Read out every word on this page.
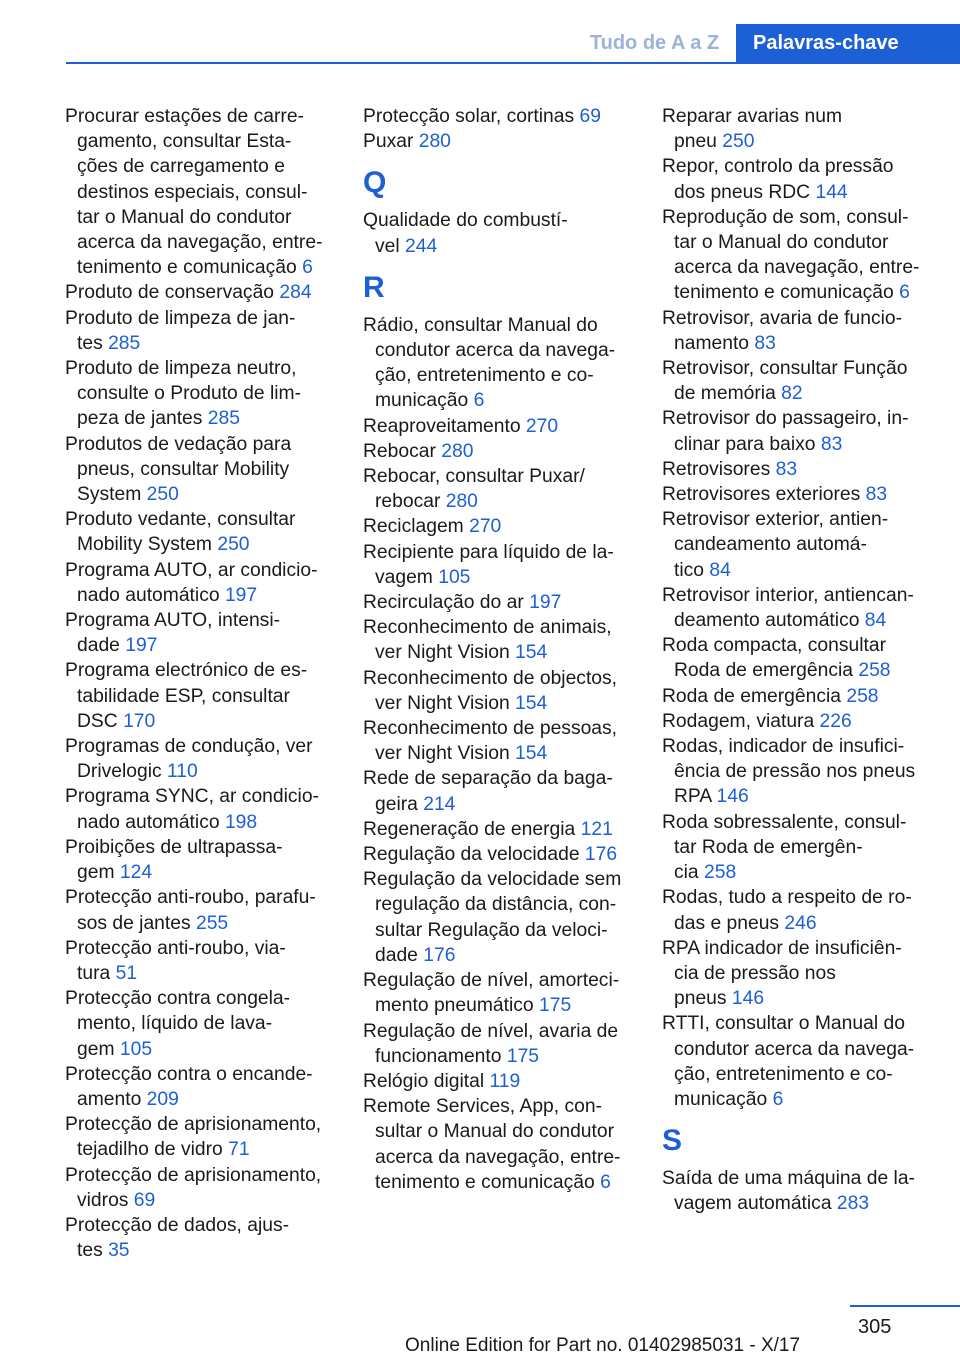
Tudo de A a Z	Palavras-chave
Procurar estações de carre-
gamento, consultar Esta-
ções de carregamento e
destinos especiais, consul-
tar o Manual do condutor
acerca da navegação, entre-
tenimento e comunicação 6
Produto de conservação 284
Produto de limpeza de jan-
tes 285
Produto de limpeza neutro,
consulte o Produto de lim-
peza de jantes 285
Produtos de vedação para
pneus, consultar Mobility
System 250
Produto vedante, consultar
Mobility System 250
Programa AUTO, ar condicio-
nado automático 197
Programa AUTO, intensi-
dade 197
Programa electrónico de es-
tabilidade ESP, consultar
DSC 170
Programas de condução, ver
Drivelogic 110
Programa SYNC, ar condicio-
nado automático 198
Proibições de ultrapassa-
gem 124
Protecção anti-roubo, parafu-
sos de jantes 255
Protecção anti-roubo, via-
tura 51
Protecção contra congela-
mento, líquido de lava-
gem 105
Protecção contra o encande-
amento 209
Protecção de aprisionamento,
tejadilho de vidro 71
Protecção de aprisionamento,
vidros 69
Protecção de dados, ajus-
tes 35
Protecção solar, cortinas 69
Puxar 280
Q
Qualidade do combustí-
vel 244
R
Rádio, consultar Manual do
condutor acerca da navega-
ção, entretenimento e co-
municação 6
Reaproveitamento 270
Rebocar 280
Rebocar, consultar Puxar/
rebocar 280
Reciclagem 270
Recipiente para líquido de la-
vagem 105
Recirculação do ar 197
Reconhecimento de animais,
ver Night Vision 154
Reconhecimento de objectos,
ver Night Vision 154
Reconhecimento de pessoas,
ver Night Vision 154
Rede de separação da baga-
geira 214
Regeneração de energia 121
Regulação da velocidade 176
Regulação da velocidade sem
regulação da distância, con-
sultar Regulação da veloci-
dade 176
Regulação de nível, amorteci-
mento pneumático 175
Regulação de nível, avaria de
funcionamento 175
Relógio digital 119
Remote Services, App, con-
sultar o Manual do condutor
acerca da navegação, entre-
tenimento e comunicação 6
Reparar avarias num
pneu 250
Repor, controlo da pressão
dos pneus RDC 144
Reprodução de som, consul-
tar o Manual do condutor
acerca da navegação, entre-
tenimento e comunicação 6
Retrovisor, avaria de funcio-
namento 83
Retrovisor, consultar Função
de memória 82
Retrovisor do passageiro, in-
clinar para baixo 83
Retrovisores 83
Retrovisores exteriores 83
Retrovisor exterior, antien-
candeamento automá-
tico 84
Retrovisor interior, antiencan-
deamento automático 84
Roda compacta, consultar
Roda de emergência 258
Roda de emergência 258
Rodagem, viatura 226
Rodas, indicador de insufici-
ência de pressão nos pneus
RPA 146
Roda sobressalente, consul-
tar Roda de emergên-
cia 258
Rodas, tudo a respeito de ro-
das e pneus 246
RPA indicador de insuficiên-
cia de pressão nos
pneus 146
RTTI, consultar o Manual do
condutor acerca da navega-
ção, entretenimento e co-
municação 6
S
Saída de uma máquina de la-
vagem automática 283
305
Online Edition for Part no. 01402985031 - X/17
